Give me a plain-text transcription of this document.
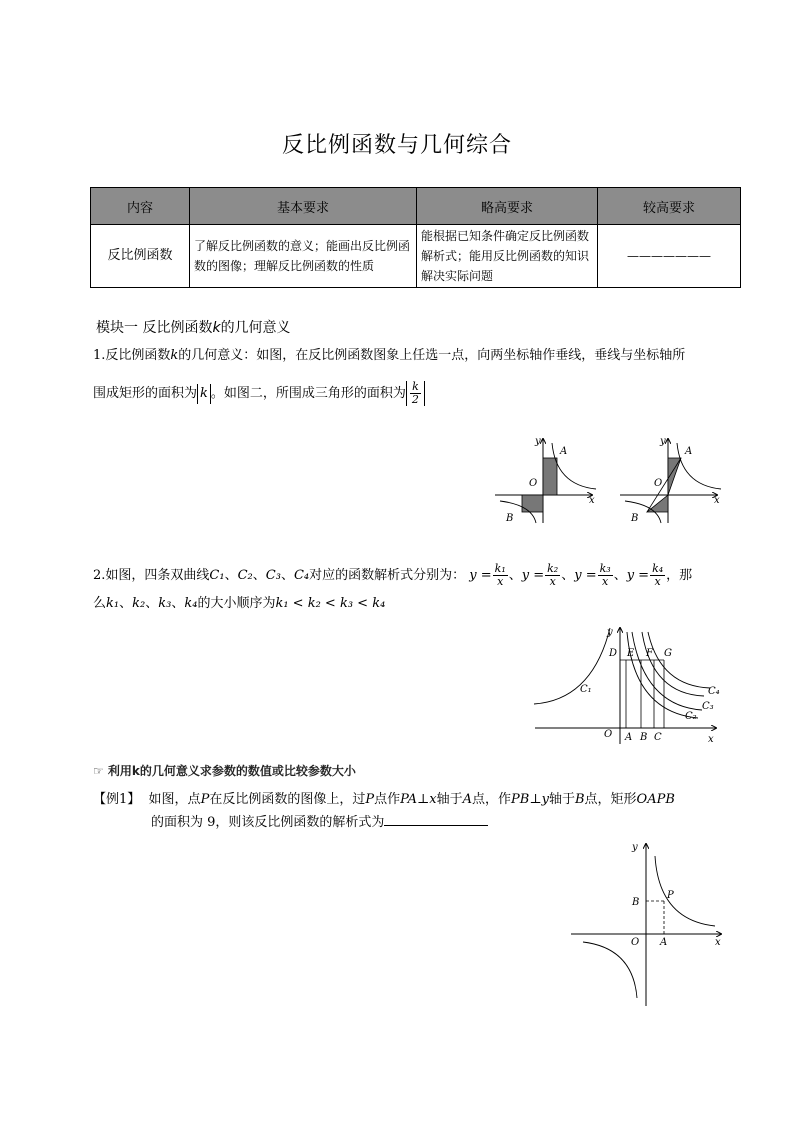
反比例函数与几何综合
内容	基本要求	略高要求	较高要求
反比例函数	了解反比例函数的意义；能画出反比例函数的图像；理解反比例函数的性质	能根据已知条件确定反比例函数解析式；能用反比例函数的知识解决实际问题	———————
模块一 反比例函数k的几何意义
1.反比例函数k的几何意义：如图，在反比例函数图象上任选一点，向两坐标轴作垂线，垂线与坐标轴所
围成矩形的面积为 k 。如图二，所围成三角形的面积为 $\frac{k}{2}$
y
A
O
x
B
y
A
O
x
B
2.如图，四条双曲线C₁、C₂、C₃、C₄对应的函数解析式分别为： $y = \frac{\text{k₁}}{x}$ 、$y = \frac{\text{k₂}}{x}$ 、$y = \frac{\text{k₃}}{x}$ 、$y = \frac{\text{k₄}}{x}$ ，那
么k₁、k₂、k₃、k₄的大小顺序为k₁ < k₂ < k₃ < k₄
y
D E F G
C₁	C₄
C₃
C₂
O A B C	x
☞ 利用k的几何意义求参数的数值或比较参数大小
【例1】 如图，点P在反比例函数的图像上，过P点作PA⊥x轴于A点，作PB⊥y轴于B点，矩形OAPB
的面积为 9，则该反比例函数的解析式为
y
B
P
O A	x
